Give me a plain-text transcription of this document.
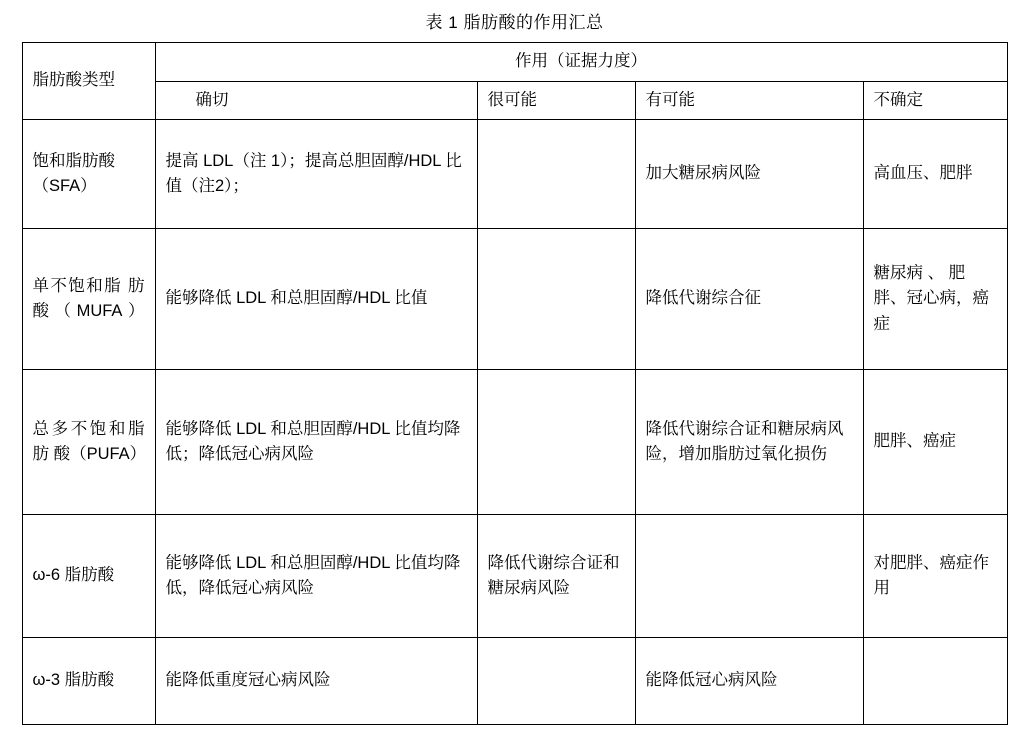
表 1 脂肪酸的作用汇总
脂肪酸类型	作用（证据力度）			
	确切	很可能	有可能	不确定
饱和脂肪酸（SFA）	提高 LDL（注 1）；提高总胆固醇/HDL 比值（注2）；		加大糖尿病风险	高血压、肥胖
单不饱和脂 肪 酸（MUFA）	能够降低 LDL 和总胆固醇/HDL 比值		降低代谢综合征	糖尿病 、 肥胖、冠心病，癌症
总多不饱和脂 肪 酸（PUFA）	能够降低 LDL 和总胆固醇/HDL 比值均降低；降低冠心病风险		降低代谢综合证和糖尿病风险，增加脂肪过氧化损伤	肥胖、癌症
ω-6 脂肪酸	能够降低 LDL 和总胆固醇/HDL 比值均降低，降低冠心病风险	降低代谢综合证和糖尿病风险		对肥胖、癌症作用
ω-3 脂肪酸	能降低重度冠心病风险		能降低冠心病风险	
